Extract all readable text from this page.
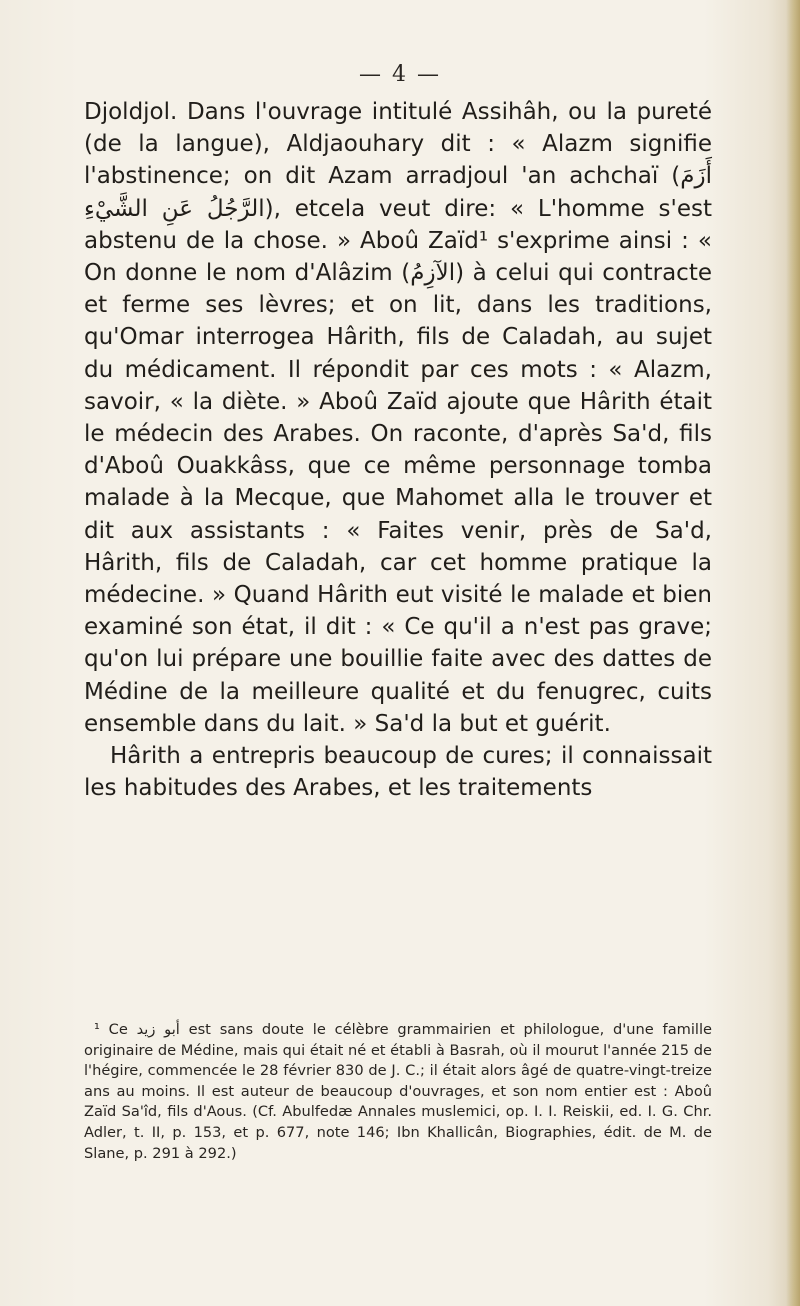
— 4 —

Djoldjol. Dans l'ouvrage intitulé Assihâh, ou la pureté (de la langue), Aldjaouhary dit : « Alazm signifie l'abstinence; on dit Azam arradjoul 'an achchaï (أَزَمَ الرَّجُلُ عَنِ الشَّيْءِ), etcela veut dire: « L'homme s'est abstenu de la chose. » Aboû Zaïd¹ s'exprime ainsi : « On donne le nom d'Alâzim (الآزِمُ) à celui qui contracte et ferme ses lèvres; et on lit, dans les traditions, qu'Omar interrogea Hârith, fils de Caladah, au sujet du médicament. Il répondit par ces mots : « Alazm, savoir, « la diète. » Aboû Zaïd ajoute que Hârith était le médecin des Arabes. On raconte, d'après Sa'd, fils d'Aboû Ouakkâss, que ce même personnage tomba malade à la Mecque, que Mahomet alla le trouver et dit aux assistants : « Faites venir, près de Sa'd, Hârith, fils de Caladah, car cet homme pratique la médecine. » Quand Hârith eut visité le malade et bien examiné son état, il dit : « Ce qu'il a n'est pas grave; qu'on lui prépare une bouillie faite avec des dattes de Médine de la meilleure qualité et du fenugrec, cuits ensemble dans du lait. » Sa'd la but et guérit.

Hârith a entrepris beaucoup de cures; il connaissait les habitudes des Arabes, et les traitements

¹ Ce أبو زيد est sans doute le célèbre grammairien et philologue, d'une famille originaire de Médine, mais qui était né et établi à Basrah, où il mourut l'année 215 de l'hégire, commencée le 28 février 830 de J. C.; il était alors âgé de quatre-vingt-treize ans au moins. Il est auteur de beaucoup d'ouvrages, et son nom entier est : Aboû Zaïd Sa'îd, fils d'Aous. (Cf. Abulfedæ Annales muslemici, op. I. I. Reiskii, ed. I. G. Chr. Adler, t. II, p. 153, et p. 677, note 146; Ibn Khallicân, Biographies, édit. de M. de Slane, p. 291 à 292.)
